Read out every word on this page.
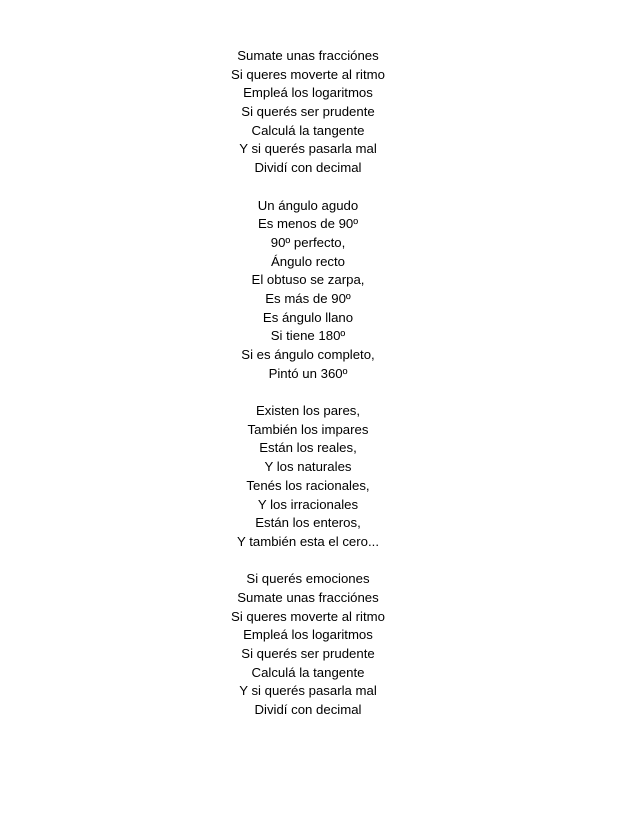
Sumate unas fracciónes

Si queres moverte al ritmo

Empleá los logaritmos

Si querés ser prudente

Calculá la tangente

Y si querés pasarla mal

Dividí con decimal

Un ángulo agudo

Es menos de 90º

90º perfecto,

Ángulo recto

El obtuso se zarpa,

Es más de 90º

Es ángulo llano

Si tiene 180º

Si es ángulo completo,

Pintó un 360º

Existen los pares,

También los impares

Están los reales,

Y los naturales

Tenés los racionales,

Y los irracionales

Están los enteros,

Y también esta el cero...

Si querés emociones

Sumate unas fracciónes

Si queres moverte al ritmo

Empleá los logaritmos

Si querés ser prudente

Calculá la tangente

Y si querés pasarla mal

Dividí con decimal
